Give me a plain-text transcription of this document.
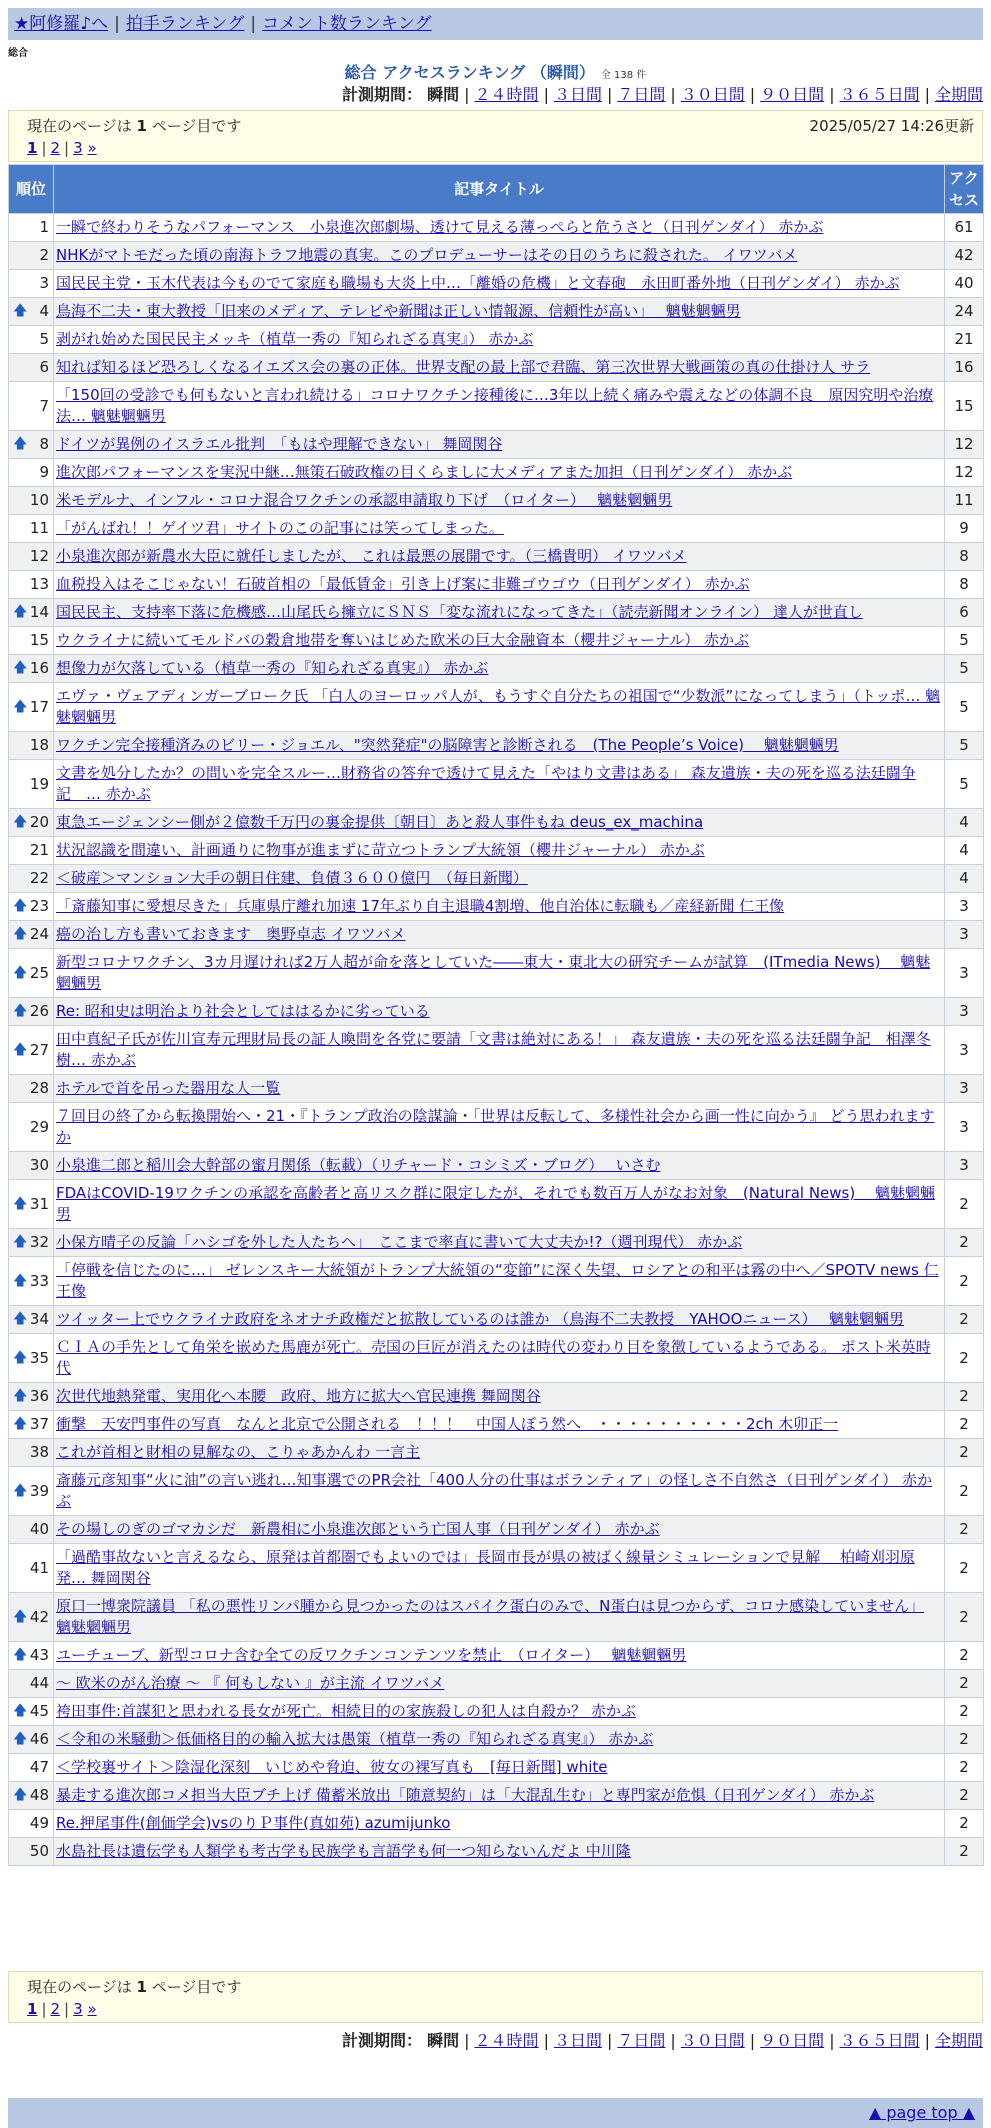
★阿修羅♪へ | 拍手ランキング | コメント数ランキング
総合
総合 アクセスランキング （瞬間） 全 138 件
計測期間： 瞬間 | ２４時間 | ３日間 | ７日間 | ３０日間 | ９０日間 | ３６５日間 | 全期間
現在のページは 1 ページ目です	2025/05/27 14:26更新
1 | 2 | 3 »
順位	記事タイトル	アクセス
1	一瞬で終わりそうなパフォーマンス　小泉進次郎劇場、透けて見える薄っぺらと危うさと（日刊ゲンダイ） 赤かぶ	61
2	NHKがマトモだった頃の南海トラフ地震の真実。このプロデューサーはその日のうちに殺された。 イワツバメ	42
3	国民民主党・玉木代表は今ものでて家庭も職場も大炎上中…「離婚の危機」と文春砲　永田町番外地（日刊ゲンダイ） 赤かぶ	40

🡅 4	鳥海不二夫・東大教授「旧来のメディア、テレビや新聞は正しい情報源、信頼性が高い」　 魑魅魍魎男	24
5	剥がれ始めた国民民主メッキ（植草一秀の『知られざる真実』） 赤かぶ	21
6	知れば知るほど恐ろしくなるイエズス会の裏の正体。世界支配の最上部で君臨、第三次世界大戦画策の真の仕掛け人 サラ	16
7	「150回の受診でも何もないと言われ続ける」コロナワクチン接種後に…3年以上続く痛みや震えなどの体調不良　原因究明や治療法… 魑魅魍魎男	15

🡅 8	ドイツが異例のイスラエル批判　「もはや理解できない」 舞岡関谷	12
9	進次郎パフォーマンスを実況中継…無策石破政権の目くらましに大メディアまた加担（日刊ゲンダイ） 赤かぶ	12
10	米モデルナ、インフル・コロナ混合ワクチンの承認申請取り下げ　（ロイター）　 魑魅魍魎男	11
11	「がんばれ！！ゲイツ君」サイトのこの記事には笑ってしまった。	9
12	小泉進次郎が新農水大臣に就任しましたが、 これは最悪の展開です。（三橋貴明） イワツバメ	8
13	血税投入はそこじゃない！石破首相の「最低賃金」引き上げ案に非難ゴウゴウ（日刊ゲンダイ） 赤かぶ	8

🡅 14	国民民主、支持率下落に危機感…山尾氏ら擁立にＳＮＳ「変な流れになってきた」（読売新聞オンライン） 達人が世直し	6
15	ウクライナに続いてモルドバの穀倉地帯を奪いはじめた欧米の巨大金融資本（櫻井ジャーナル） 赤かぶ	5

🡅 16	想像力が欠落している（植草一秀の『知られざる真実』） 赤かぶ	5

🡅 17	エヴァ・ヴェアディンガーブローク氏 「白人のヨーロッパ人が、もうすぐ自分たちの祖国で“少数派”になってしまう」（トッポ… 魑魅魍魎男	5
18	ワクチン完全接種済みのビリー・ジョエル、"突然発症"の脳障害と診断される　(The People’s Voice)　 魑魅魍魎男	5
19	文書を処分したか？の問いを完全スルー…財務省の答弁で透けて見えた「やはり文書はある」 森友遺族・夫の死を巡る法廷闘争記　… 赤かぶ	5

🡅 20	東急エージェンシー側が２億数千万円の裏金提供〔朝日〕あと殺人事件もね deus_ex_machina	4
21	状況認識を間違い、計画通りに物事が進まずに苛立つトランプ大統領（櫻井ジャーナル） 赤かぶ	4
22	＜破産＞マンション大手の朝日住建、負債３６００億円　（毎日新聞）	4

🡅 23	「斎藤知事に愛想尽きた」兵庫県庁離れ加速 17年ぶり自主退職4割増、他自治体に転職も／産経新聞 仁王像	3

🡅 24	癌の治し方も書いておきます　奥野卓志 イワツバメ	3

🡅 25	新型コロナワクチン、3カ月遅ければ2万人超が命を落としていた――東大・東北大の研究チームが試算　(ITmedia News)　 魑魅魍魎男	3

🡅 26	Re: 昭和史は明治より社会としてははるかに劣っている	3

🡅 27	田中真紀子氏が佐川宣寿元理財局長の証人喚問を各党に要請「文書は絶対にある！」 森友遺族・夫の死を巡る法廷闘争記　相澤冬樹… 赤かぶ	3
28	ホテルで首を吊った器用な人一覧	3
29	７回目の終了から転換開始へ・21・『トランプ政治の陰謀論・「世界は反転して、多様性社会から画一性に向かう』 どう思われますか	3
30	小泉進二郎と稲川会大幹部の蜜月関係（転載）（リチャード・コシミズ・ブログ）　 いさむ	3

🡅 31	FDAはCOVID-19ワクチンの承認を高齢者と高リスク群に限定したが、それでも数百万人がなお対象　(Natural News)　 魑魅魍魎男	2

🡅 32	小保方晴子の反論「ハシゴを外した人たちへ」　ここまで率直に書いて大丈夫か!?（週刊現代） 赤かぶ	2

🡅 33	「停戦を信じたのに…」 ゼレンスキー大統領がトランプ大統領の“変節”に深く失望、ロシアとの和平は霧の中へ／SPOTV news 仁王像	2

🡅 34	ツイッター上でウクライナ政府をネオナチ政権だと拡散しているのは誰か （鳥海不二夫教授　YAHOOニュース）　 魑魅魍魎男	2

🡅 35	ＣＩＡの手先として角栄を嵌めた馬鹿が死亡。売国の巨匠が消えたのは時代の変わり目を象徴しているようである。 ポスト米英時代	2

🡅 36	次世代地熱発電、実用化へ本腰　政府、地方に拡大へ官民連携 舞岡関谷	2

🡅 37	衝撃　天安門事件の写真　なんと北京で公開される　！！！　中国人ぼう然へ　・・・・・・・・・・2ch 木卯正一	2
38	これが首相と財相の見解なの、こりゃあかんわ 一言主	2

🡅 39	斎藤元彦知事“火に油”の言い逃れ…知事選でのPR会社「400人分の仕事はボランティア」の怪しさ不自然さ（日刊ゲンダイ） 赤かぶ	2
40	その場しのぎのゴマカシだ　新農相に小泉進次郎という亡国人事（日刊ゲンダイ） 赤かぶ	2
41	「過酷事故ないと言えるなら、原発は首都圏でもよいのでは」長岡市長が県の被ばく線量シミュレーションで見解　 柏崎刈羽原発… 舞岡関谷	2

🡅 42	原口一博衆院議員 「私の悪性リンパ腫から見つかったのはスパイク蛋白のみで、N蛋白は見つからず、コロナ感染していません」 魑魅魍魎男	2

🡅 43	ユーチューブ、新型コロナ含む全ての反ワクチンコンテンツを禁止　（ロイター）　 魑魅魍魎男	2
44	～ 欧米のがん治療 ～ 『 何もしない 』が主流 イワツバメ	2

🡅 45	袴田事件:首謀犯と思われる長女が死亡。相続目的の家族殺しの犯人は自殺か？ 赤かぶ	2

🡅 46	＜令和の米騒動＞低価格目的の輸入拡大は愚策（植草一秀の『知られざる真実』） 赤かぶ	2
47	＜学校裏サイト＞陰湿化深刻　いじめや脅迫、彼女の裸写真も　[毎日新聞] white	2

🡅 48	暴走する進次郎コメ担当大臣ブチ上げ 備蓄米放出「随意契約」は「大混乱生む」と専門家が危惧（日刊ゲンダイ） 赤かぶ	2
49	Re.押尾事件(創価学会)vsのりＰ事件(真如苑) azumijunko	2
50	水島社長は遺伝学も人類学も考古学も民族学も言語学も何一つ知らないんだよ 中川隆	2
現在のページは 1 ページ目です
1 | 2 | 3 »
計測期間： 瞬間 | ２４時間 | ３日間 | ７日間 | ３０日間 | ９０日間 | ３６５日間 | 全期間
▲ page top ▲
